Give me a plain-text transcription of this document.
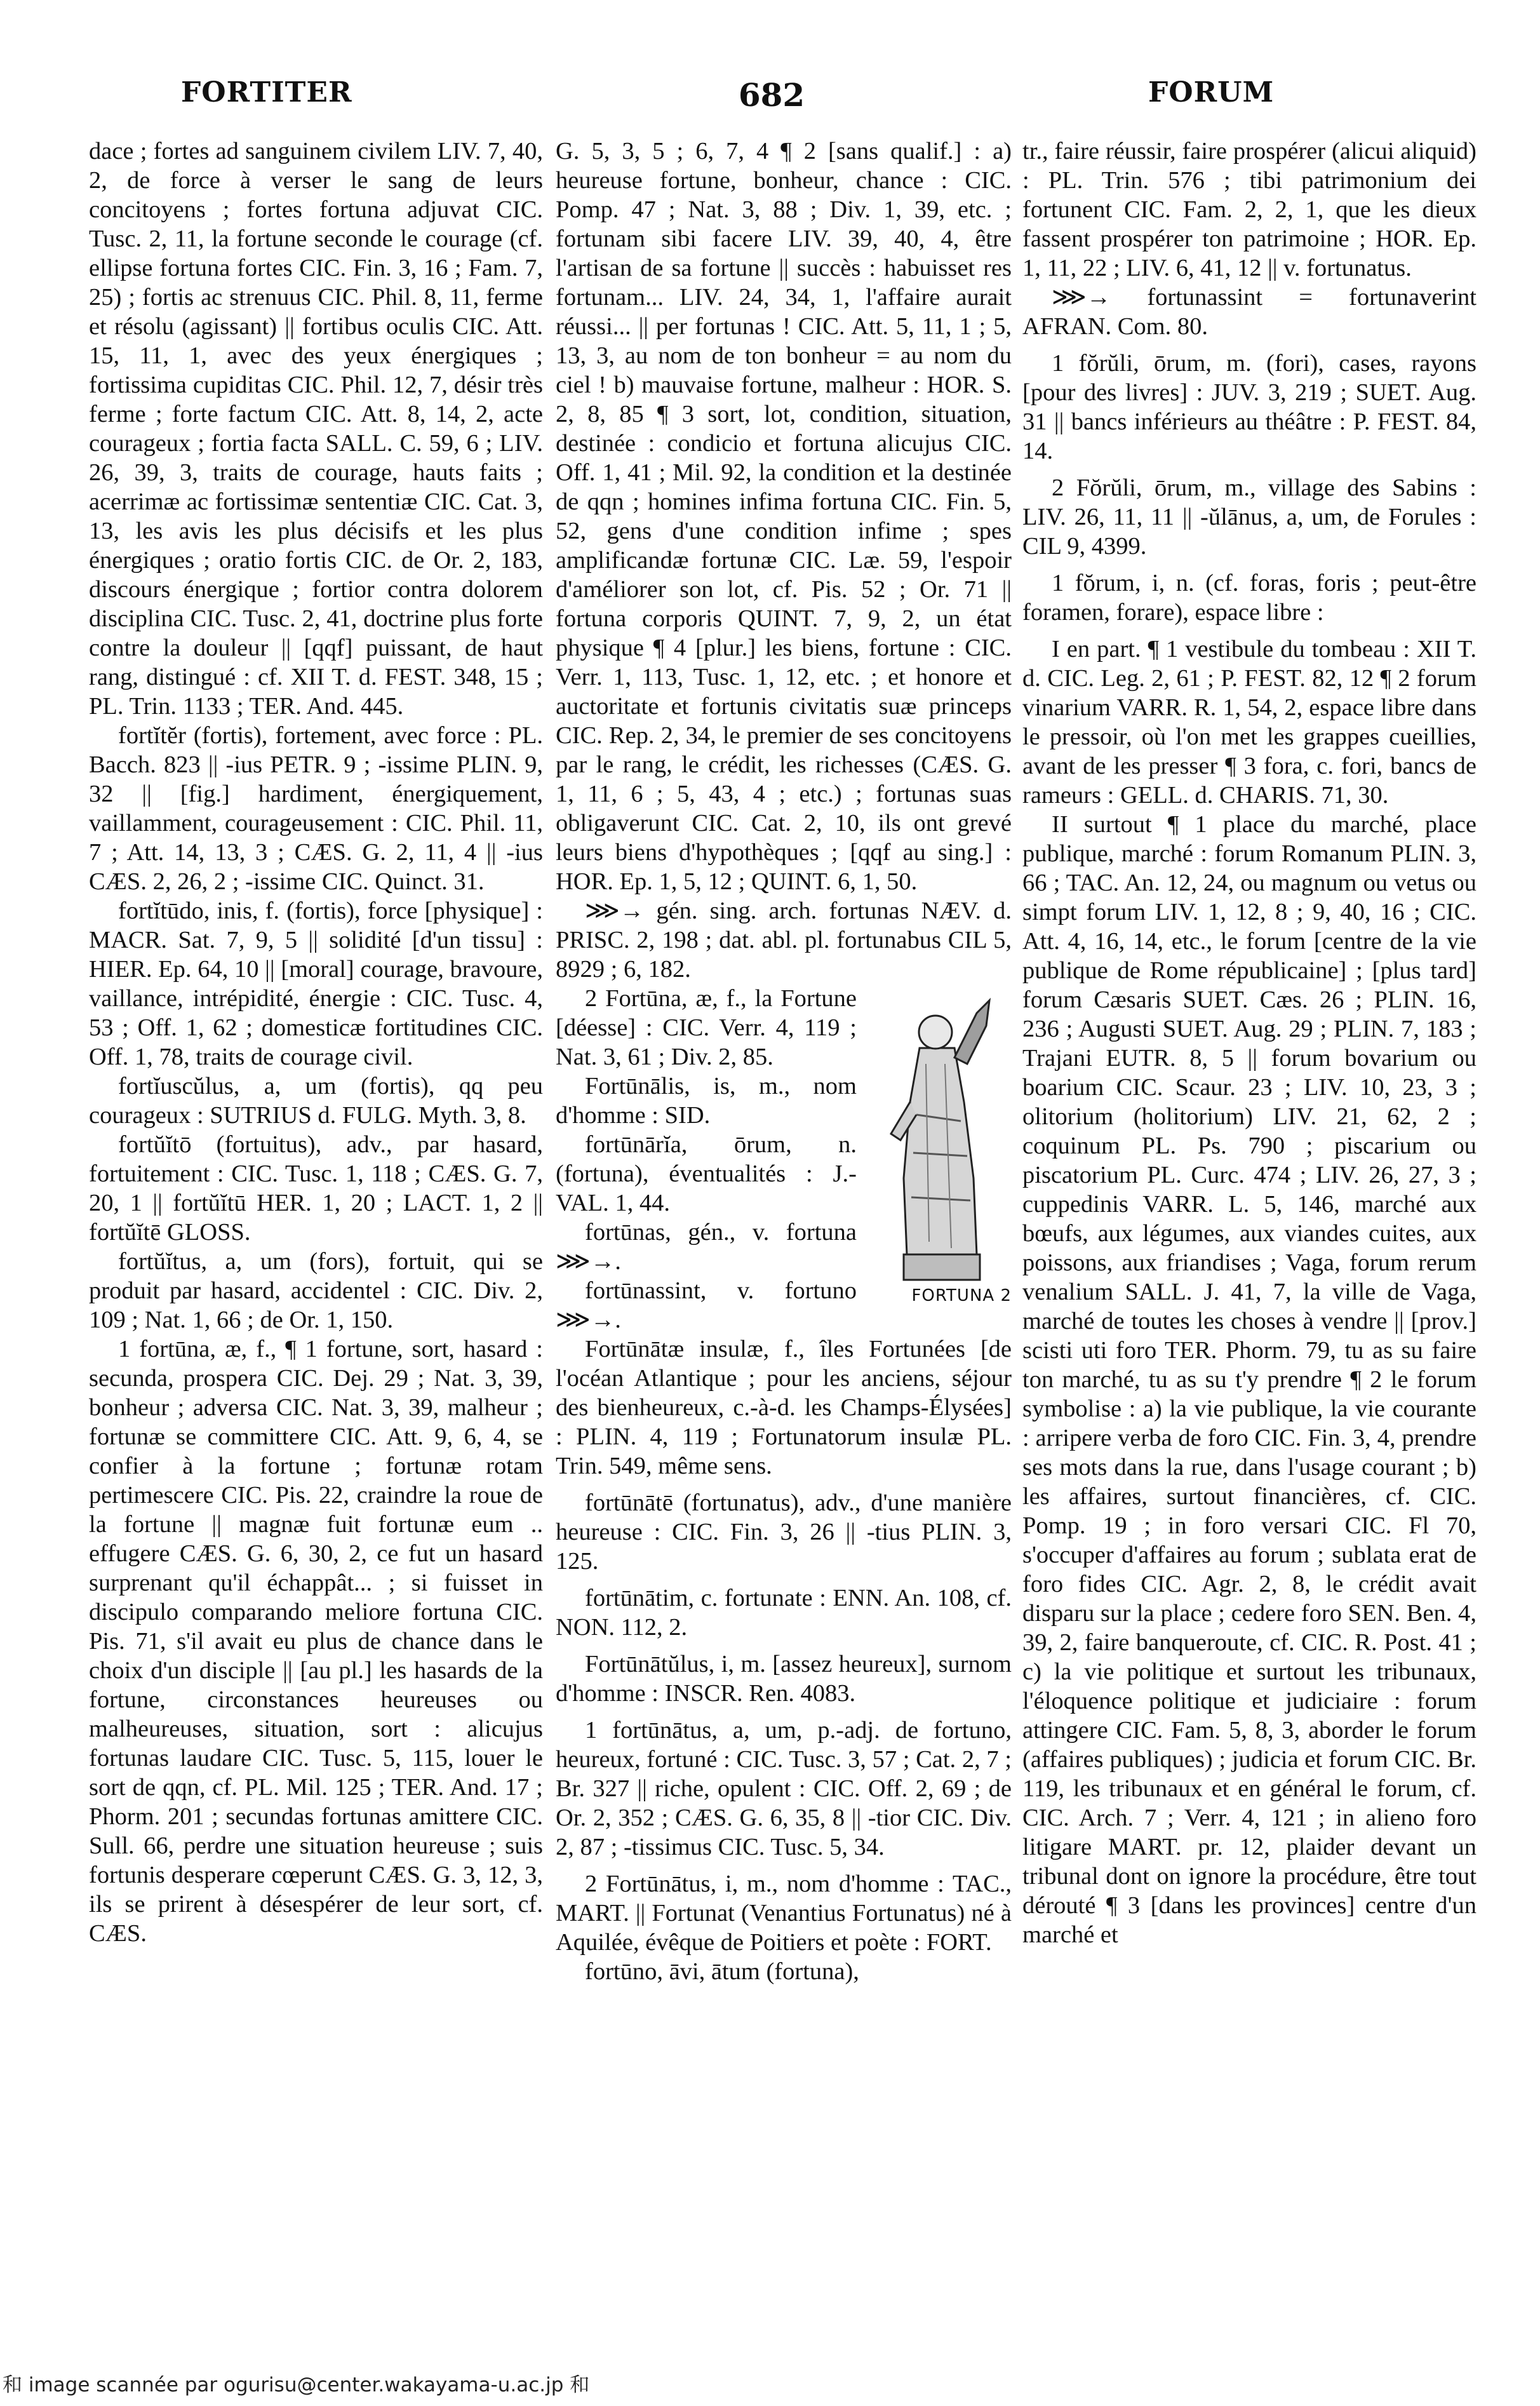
FORTITER	682	FORUM

dace ; fortes ad sanguinem civilem LIV. 7, 40, 2, de force à verser le sang de leurs concitoyens ; fortes fortuna adjuvat CIC. Tusc. 2, 11, la fortune seconde le courage (cf. ellipse fortuna fortes CIC. Fin. 3, 16 ; Fam. 7, 25) ; fortis ac strenuus CIC. Phil. 8, 11, ferme et résolu (agissant) || fortibus oculis CIC. Att. 15, 11, 1, avec des yeux énergiques ; fortissima cupiditas CIC. Phil. 12, 7, désir très ferme ; forte factum CIC. Att. 8, 14, 2, acte courageux ; fortia facta SALL. C. 59, 6 ; LIV. 26, 39, 3, traits de courage, hauts faits ; acerrimæ ac fortissimæ sententiæ CIC. Cat. 3, 13, les avis les plus décisifs et les plus énergiques ; oratio fortis CIC. de Or. 2, 183, discours énergique ; fortior contra dolorem disciplina CIC. Tusc. 2, 41, doctrine plus forte contre la douleur || [qqf] puissant, de haut rang, distingué : cf. XII T. d. FEST. 348, 15 ; PL. Trin. 1133 ; TER. And. 445.

fortĭtĕr (fortis), fortement, avec force : PL. Bacch. 823 || -ius PETR. 9 ; -issime PLIN. 9, 32 || [fig.] hardiment, énergiquement, vaillamment, courageusement : CIC. Phil. 11, 7 ; Att. 14, 13, 3 ; CÆS. G. 2, 11, 4 || -ius CÆS. 2, 26, 2 ; -issime CIC. Quinct. 31.

fortĭtūdo, inis, f. (fortis), force [physique] : MACR. Sat. 7, 9, 5 || solidité [d'un tissu] : HIER. Ep. 64, 10 || [moral] courage, bravoure, vaillance, intrépidité, énergie : CIC. Tusc. 4, 53 ; Off. 1, 62 ; domesticæ fortitudines CIC. Off. 1, 78, traits de courage civil.

fortĭuscŭlus, a, um (fortis), qq peu courageux : SUTRIUS d. FULG. Myth. 3, 8.

fortŭĭtō (fortuitus), adv., par hasard, fortuitement : CIC. Tusc. 1, 118 ; CÆS. G. 7, 20, 1 || fortŭĭtū HER. 1, 20 ; LACT. 1, 2 || fortŭĭtē GLOSS.

fortŭĭtus, a, um (fors), fortuit, qui se produit par hasard, accidentel : CIC. Div. 2, 109 ; Nat. 1, 66 ; de Or. 1, 150.

1 fortūna, æ, f., ¶ 1 fortune, sort, hasard : secunda, prospera CIC. Dej. 29 ; Nat. 3, 39, bonheur ; adversa CIC. Nat. 3, 39, malheur ; fortunæ se committere CIC. Att. 9, 6, 4, se confier à la fortune ; fortunæ rotam pertimescere CIC. Pis. 22, craindre la roue de la fortune || magnæ fuit fortunæ eum .. effugere CÆS. G. 6, 30, 2, ce fut un hasard surprenant qu'il échappât... ; si fuisset in discipulo comparando meliore fortuna CIC. Pis. 71, s'il avait eu plus de chance dans le choix d'un disciple || [au pl.] les hasards de la fortune, circonstances heureuses ou malheureuses, situation, sort : alicujus fortunas laudare CIC. Tusc. 5, 115, louer le sort de qqn, cf. PL. Mil. 125 ; TER. And. 17 ; Phorm. 201 ; secundas fortunas amittere CIC. Sull. 66, perdre une situation heureuse ; suis fortunis desperare cœperunt CÆS. G. 3, 12, 3, ils se prirent à désespérer de leur sort, cf. CÆS.

G. 5, 3, 5 ; 6, 7, 4 ¶ 2 [sans qualif.] : a) heureuse fortune, bonheur, chance : CIC. Pomp. 47 ; Nat. 3, 88 ; Div. 1, 39, etc. ; fortunam sibi facere LIV. 39, 40, 4, être l'artisan de sa fortune || succès : habuisset res fortunam... LIV. 24, 34, 1, l'affaire aurait réussi... || per fortunas ! CIC. Att. 5, 11, 1 ; 5, 13, 3, au nom de ton bonheur = au nom du ciel ! b) mauvaise fortune, malheur : HOR. S. 2, 8, 85 ¶ 3 sort, lot, condition, situation, destinée : condicio et fortuna alicujus CIC. Off. 1, 41 ; Mil. 92, la condition et la destinée de qqn ; homines infima fortuna CIC. Fin. 5, 52, gens d'une condition infime ; spes amplificandæ fortunæ CIC. Læ. 59, l'espoir d'améliorer son lot, cf. Pis. 52 ; Or. 71 || fortuna corporis QUINT. 7, 9, 2, un état physique ¶ 4 [plur.] les biens, fortune : CIC. Verr. 1, 113, Tusc. 1, 12, etc. ; et honore et auctoritate et fortunis civitatis suæ princeps CIC. Rep. 2, 34, le premier de ses concitoyens par le rang, le crédit, les richesses (CÆS. G. 1, 11, 6 ; 5, 43, 4 ; etc.) ; fortunas suas obligaverunt CIC. Cat. 2, 10, ils ont grevé leurs biens d'hypothèques ; [qqf au sing.] : HOR. Ep. 1, 5, 12 ; QUINT. 6, 1, 50.

⋙→ gén. sing. arch. fortunas NÆV. d. PRISC. 2, 198 ; dat. abl. pl. fortunabus CIL 5, 8929 ; 6, 182.

FORTUNA 2

2 Fortūna, æ, f., la Fortune [déesse] : CIC. Verr. 4, 119 ; Nat. 3, 61 ; Div. 2, 85.

Fortūnālis, is, m., nom d'homme : SID.

fortūnārĭa, ōrum, n. (fortuna), éventualités : J.-VAL. 1, 44.

fortūnas, gén., v. fortuna ⋙→.

fortūnassint, v. fortuno ⋙→.

Fortūnātæ insulæ, f., îles Fortunées [de l'océan Atlantique ; pour les anciens, séjour des bienheureux, c.-à-d. les Champs-Élysées] : PLIN. 4, 119 ; Fortunatorum insulæ PL. Trin. 549, même sens.

fortūnātē (fortunatus), adv., d'une manière heureuse : CIC. Fin. 3, 26 || -tius PLIN. 3, 125.

fortūnātim, c. fortunate : ENN. An. 108, cf. NON. 112, 2.

Fortūnātŭlus, i, m. [assez heureux], surnom d'homme : INSCR. Ren. 4083.

1 fortūnātus, a, um, p.-adj. de fortuno, heureux, fortuné : CIC. Tusc. 3, 57 ; Cat. 2, 7 ; Br. 327 || riche, opulent : CIC. Off. 2, 69 ; de Or. 2, 352 ; CÆS. G. 6, 35, 8 || -tior CIC. Div. 2, 87 ; -tissimus CIC. Tusc. 5, 34.

2 Fortūnātus, i, m., nom d'homme : TAC., MART. || Fortunat (Venantius Fortunatus) né à Aquilée, évêque de Poitiers et poète : FORT.

fortūno, āvi, ātum (fortuna),

tr., faire réussir, faire prospérer (alicui aliquid) : PL. Trin. 576 ; tibi patrimonium dei fortunent CIC. Fam. 2, 2, 1, que les dieux fassent prospérer ton patrimoine ; HOR. Ep. 1, 11, 22 ; LIV. 6, 41, 12 || v. fortunatus.

⋙→ fortunassint = fortunaverint AFRAN. Com. 80.

1 fŏrŭli, ōrum, m. (fori), cases, rayons [pour des livres] : JUV. 3, 219 ; SUET. Aug. 31 || bancs inférieurs au théâtre : P. FEST. 84, 14.

2 Fŏrŭli, ōrum, m., village des Sabins : LIV. 26, 11, 11 || -ŭlānus, a, um, de Forules : CIL 9, 4399.

1 fŏrum, i, n. (cf. foras, foris ; peut-être foramen, forare), espace libre :

I en part. ¶ 1 vestibule du tombeau : XII T. d. CIC. Leg. 2, 61 ; P. FEST. 82, 12 ¶ 2 forum vinarium VARR. R. 1, 54, 2, espace libre dans le pressoir, où l'on met les grappes cueillies, avant de les presser ¶ 3 fora, c. fori, bancs de rameurs : GELL. d. CHARIS. 71, 30.

II surtout ¶ 1 place du marché, place publique, marché : forum Romanum PLIN. 3, 66 ; TAC. An. 12, 24, ou magnum ou vetus ou simpt forum LIV. 1, 12, 8 ; 9, 40, 16 ; CIC. Att. 4, 16, 14, etc., le forum [centre de la vie publique de Rome républicaine] ; [plus tard] forum Cæsaris SUET. Cæs. 26 ; PLIN. 16, 236 ; Augusti SUET. Aug. 29 ; PLIN. 7, 183 ; Trajani EUTR. 8, 5 || forum bovarium ou boarium CIC. Scaur. 23 ; LIV. 10, 23, 3 ; olitorium (holitorium) LIV. 21, 62, 2 ; coquinum PL. Ps. 790 ; piscarium ou piscatorium PL. Curc. 474 ; LIV. 26, 27, 3 ; cuppedinis VARR. L. 5, 146, marché aux bœufs, aux légumes, aux viandes cuites, aux poissons, aux friandises ; Vaga, forum rerum venalium SALL. J. 41, 7, la ville de Vaga, marché de toutes les choses à vendre || [prov.] scisti uti foro TER. Phorm. 79, tu as su faire ton marché, tu as su t'y prendre ¶ 2 le forum symbolise : a) la vie publique, la vie courante : arripere verba de foro CIC. Fin. 3, 4, prendre ses mots dans la rue, dans l'usage courant ; b) les affaires, surtout financières, cf. CIC. Pomp. 19 ; in foro versari CIC. Fl 70, s'occuper d'affaires au forum ; sublata erat de foro fides CIC. Agr. 2, 8, le crédit avait disparu sur la place ; cedere foro SEN. Ben. 4, 39, 2, faire banqueroute, cf. CIC. R. Post. 41 ; c) la vie politique et surtout les tribunaux, l'éloquence politique et judiciaire : forum attingere CIC. Fam. 5, 8, 3, aborder le forum (affaires publiques) ; judicia et forum CIC. Br. 119, les tribunaux et en général le forum, cf. CIC. Arch. 7 ; Verr. 4, 121 ; in alieno foro litigare MART. pr. 12, plaider devant un tribunal dont on ignore la procédure, être tout dérouté ¶ 3 [dans les provinces] centre d'un marché et

和 image scannée par ogurisu@center.wakayama-u.ac.jp 和
